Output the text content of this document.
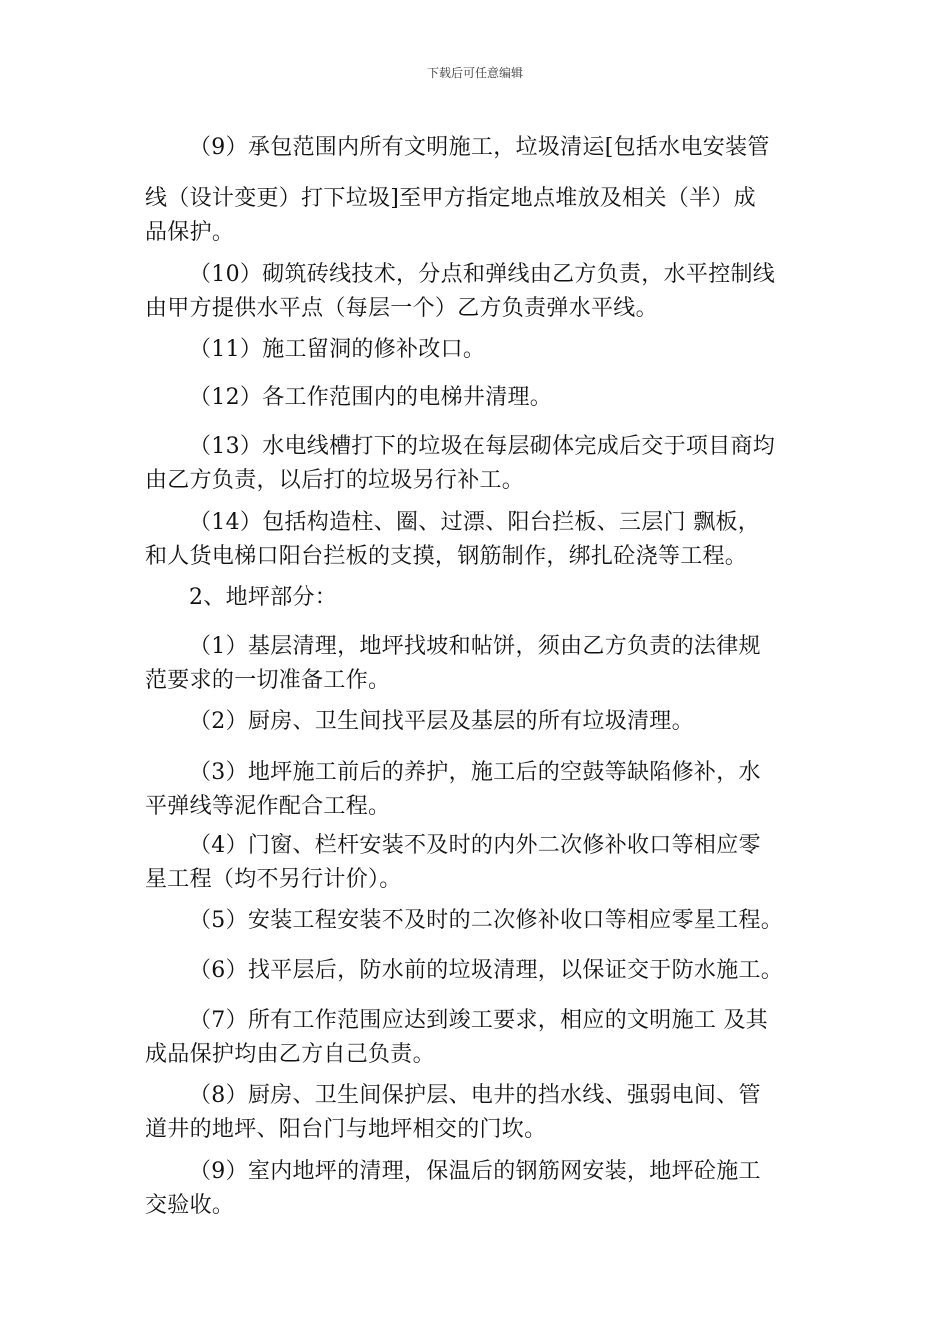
下载后可任意编辑

（9）承包范围内所有文明施工，垃圾清运[包括水电安装管

线（设计变更）打下垃圾]至甲方指定地点堆放及相关（半）成
品保护。

（10）砌筑砖线技术，分点和弹线由乙方负责，水平控制线
由甲方提供水平点（每层一个）乙方负责弹水平线。

（11）施工留洞的修补改口。

（12）各工作范围内的电梯井清理。

（13）水电线槽打下的垃圾在每层砌体完成后交于项目商均
由乙方负责，以后打的垃圾另行补工。

（14）包括构造柱、圈、过漂、阳台拦板、三层门 飘板，
和人货电梯口阳台拦板的支摸，钢筋制作，绑扎砼浇等工程。

2、地坪部分：

（1）基层清理，地坪找坡和帖饼，须由乙方负责的法律规
范要求的一切准备工作。

（2）厨房、卫生间找平层及基层的所有垃圾清理。

（3）地坪施工前后的养护，施工后的空鼓等缺陷修补，水
平弹线等泥作配合工程。

（4）门窗、栏杆安装不及时的内外二次修补收口等相应零
星工程（均不另行计价）。

（5）安装工程安装不及时的二次修补收口等相应零星工程。

（6）找平层后，防水前的垃圾清理，以保证交于防水施工。

（7）所有工作范围应达到竣工要求，相应的文明施工 及其
成品保护均由乙方自己负责。

（8）厨房、卫生间保护层、电井的挡水线、强弱电间、管
道井的地坪、阳台门与地坪相交的门坎。

（9）室内地坪的清理，保温后的钢筋网安装，地坪砼施工
交验收。
